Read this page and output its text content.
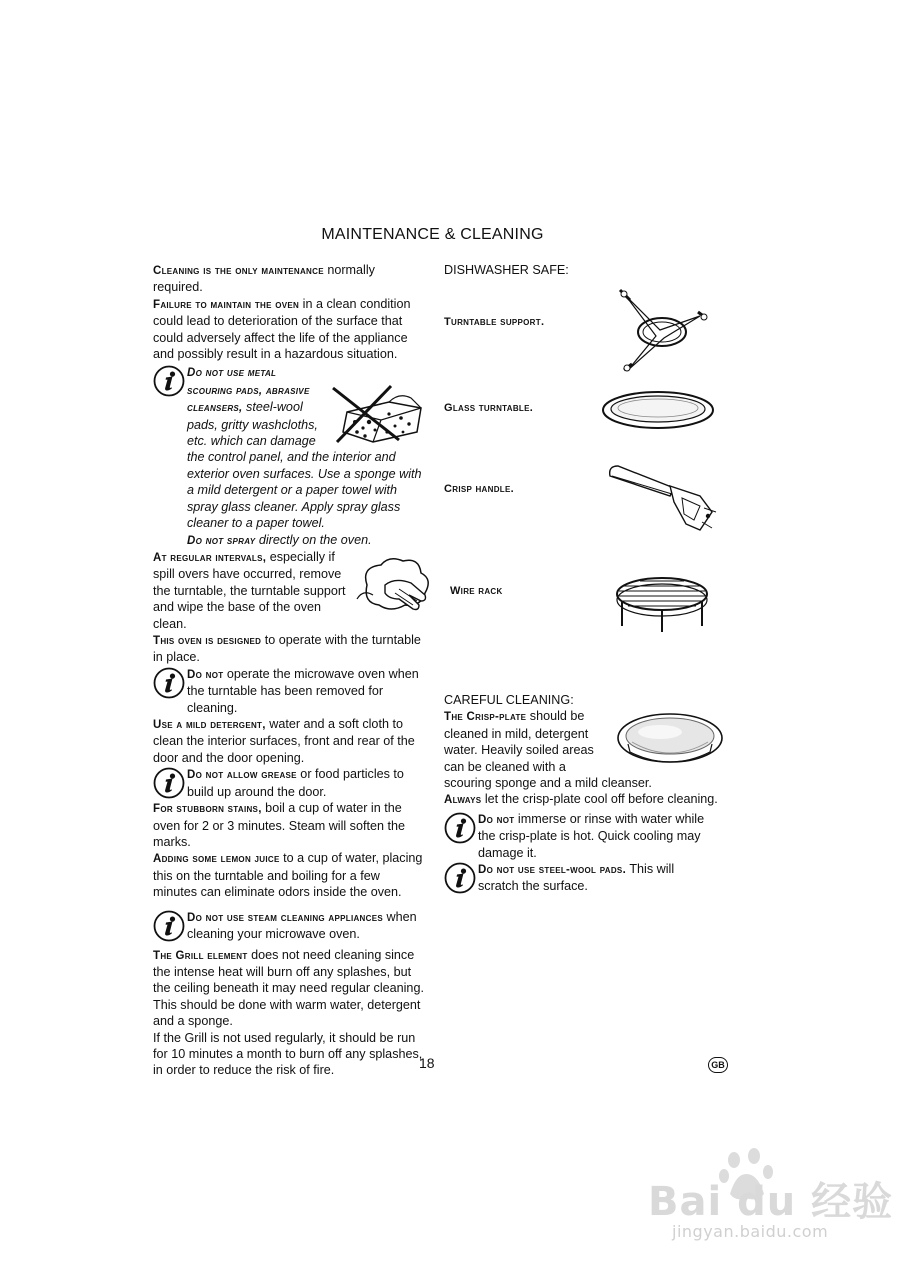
MAINTENANCE & CLEANING

Cleaning is the only maintenance normally required.

Failure to maintain the oven in a clean condition could lead to deterioration of the surface that could adversely affect the life of the appliance and possibly result in a hazardous situation.

Do not use metal scouring pads, abrasive cleansers, steel-wool pads, gritty washcloths, etc. which can damage the control panel, and the interior and exterior oven surfaces. Use a sponge with a mild detergent or a paper towel with spray glass cleaner. Apply spray glass cleaner to a paper towel.
Do not spray directly on the oven.

At regular intervals, especially if spill overs have occurred, remove the turntable, the turntable support and wipe the base of the oven clean.

This oven is designed to operate with the turntable in place.

Do not operate the microwave oven when the turntable has been removed for cleaning.

Use a mild detergent, water and a soft cloth to clean the interior surfaces, front and rear of the door and the door opening.

Do not allow grease or food particles to build up around the door.

For stubborn stains, boil a cup of water in the oven for 2 or 3 minutes. Steam will soften the marks.

Adding some lemon juice to a cup of water, placing this on the turntable and boiling for a few minutes can eliminate odors inside the oven.

Do not use steam cleaning appliances when cleaning your microwave oven.

The Grill element does not need cleaning since the intense heat will burn off any splashes, but the ceiling beneath it may need regular cleaning. This should be done with warm water, detergent and a sponge.

If the Grill is not used regularly, it should be run for 10 minutes a month to burn off any splashes, in order to reduce the risk of fire.

DISHWASHER SAFE:
Turntable support.
Glass turntable.
Crisp handle.
Wire rack
CAREFUL CLEANING:

The Crisp-plate should be cleaned in mild, detergent water. Heavily soiled areas can be cleaned with a scouring sponge and a mild cleanser.

Always let the crisp-plate cool off before cleaning.

Do not immerse or rinse with water while the crisp-plate is hot. Quick cooling may damage it.
Do not use steel-wool pads. This will scratch the surface.
18	GB
Bai du 经验
jingyan.baidu.com
